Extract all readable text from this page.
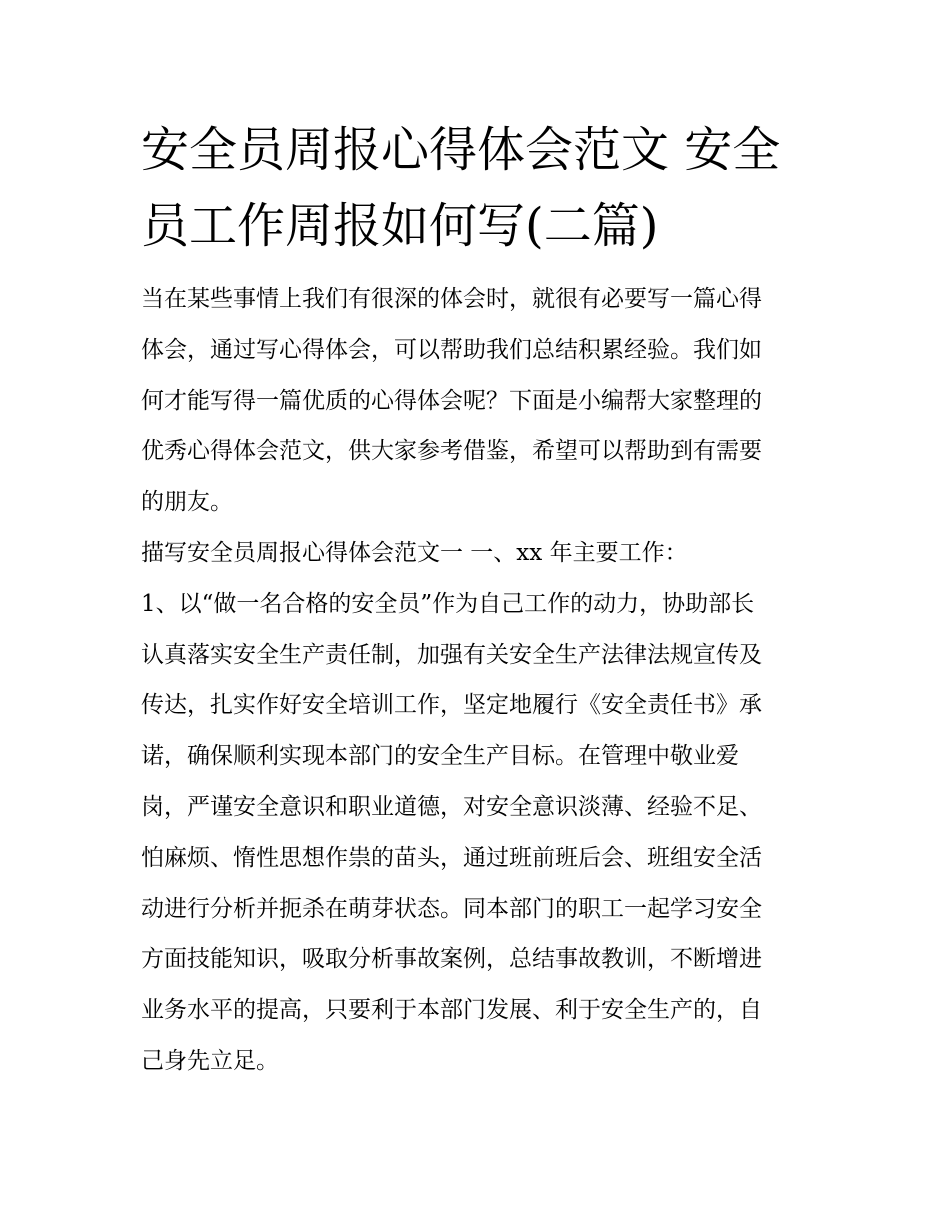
安全员周报心得体会范文 安全
员工作周报如何写(二篇)

当在某些事情上我们有很深的体会时，就很有必要写一篇心得

体会，通过写心得体会，可以帮助我们总结积累经验。我们如

何才能写得一篇优质的心得体会呢？下面是小编帮大家整理的

优秀心得体会范文，供大家参考借鉴，希望可以帮助到有需要

的朋友。

描写安全员周报心得体会范文一 一、xx 年主要工作：

1、以“做一名合格的安全员”作为自己工作的动力，协助部长

认真落实安全生产责任制，加强有关安全生产法律法规宣传及

传达，扎实作好安全培训工作，坚定地履行《安全责任书》承

诺，确保顺利实现本部门的安全生产目标。在管理中敬业爱

岗，严谨安全意识和职业道德，对安全意识淡薄、经验不足、

怕麻烦、惰性思想作祟的苗头，通过班前班后会、班组安全活

动进行分析并扼杀在萌芽状态。同本部门的职工一起学习安全

方面技能知识，吸取分析事故案例，总结事故教训，不断增进

业务水平的提高，只要利于本部门发展、利于安全生产的，自

己身先立足。
